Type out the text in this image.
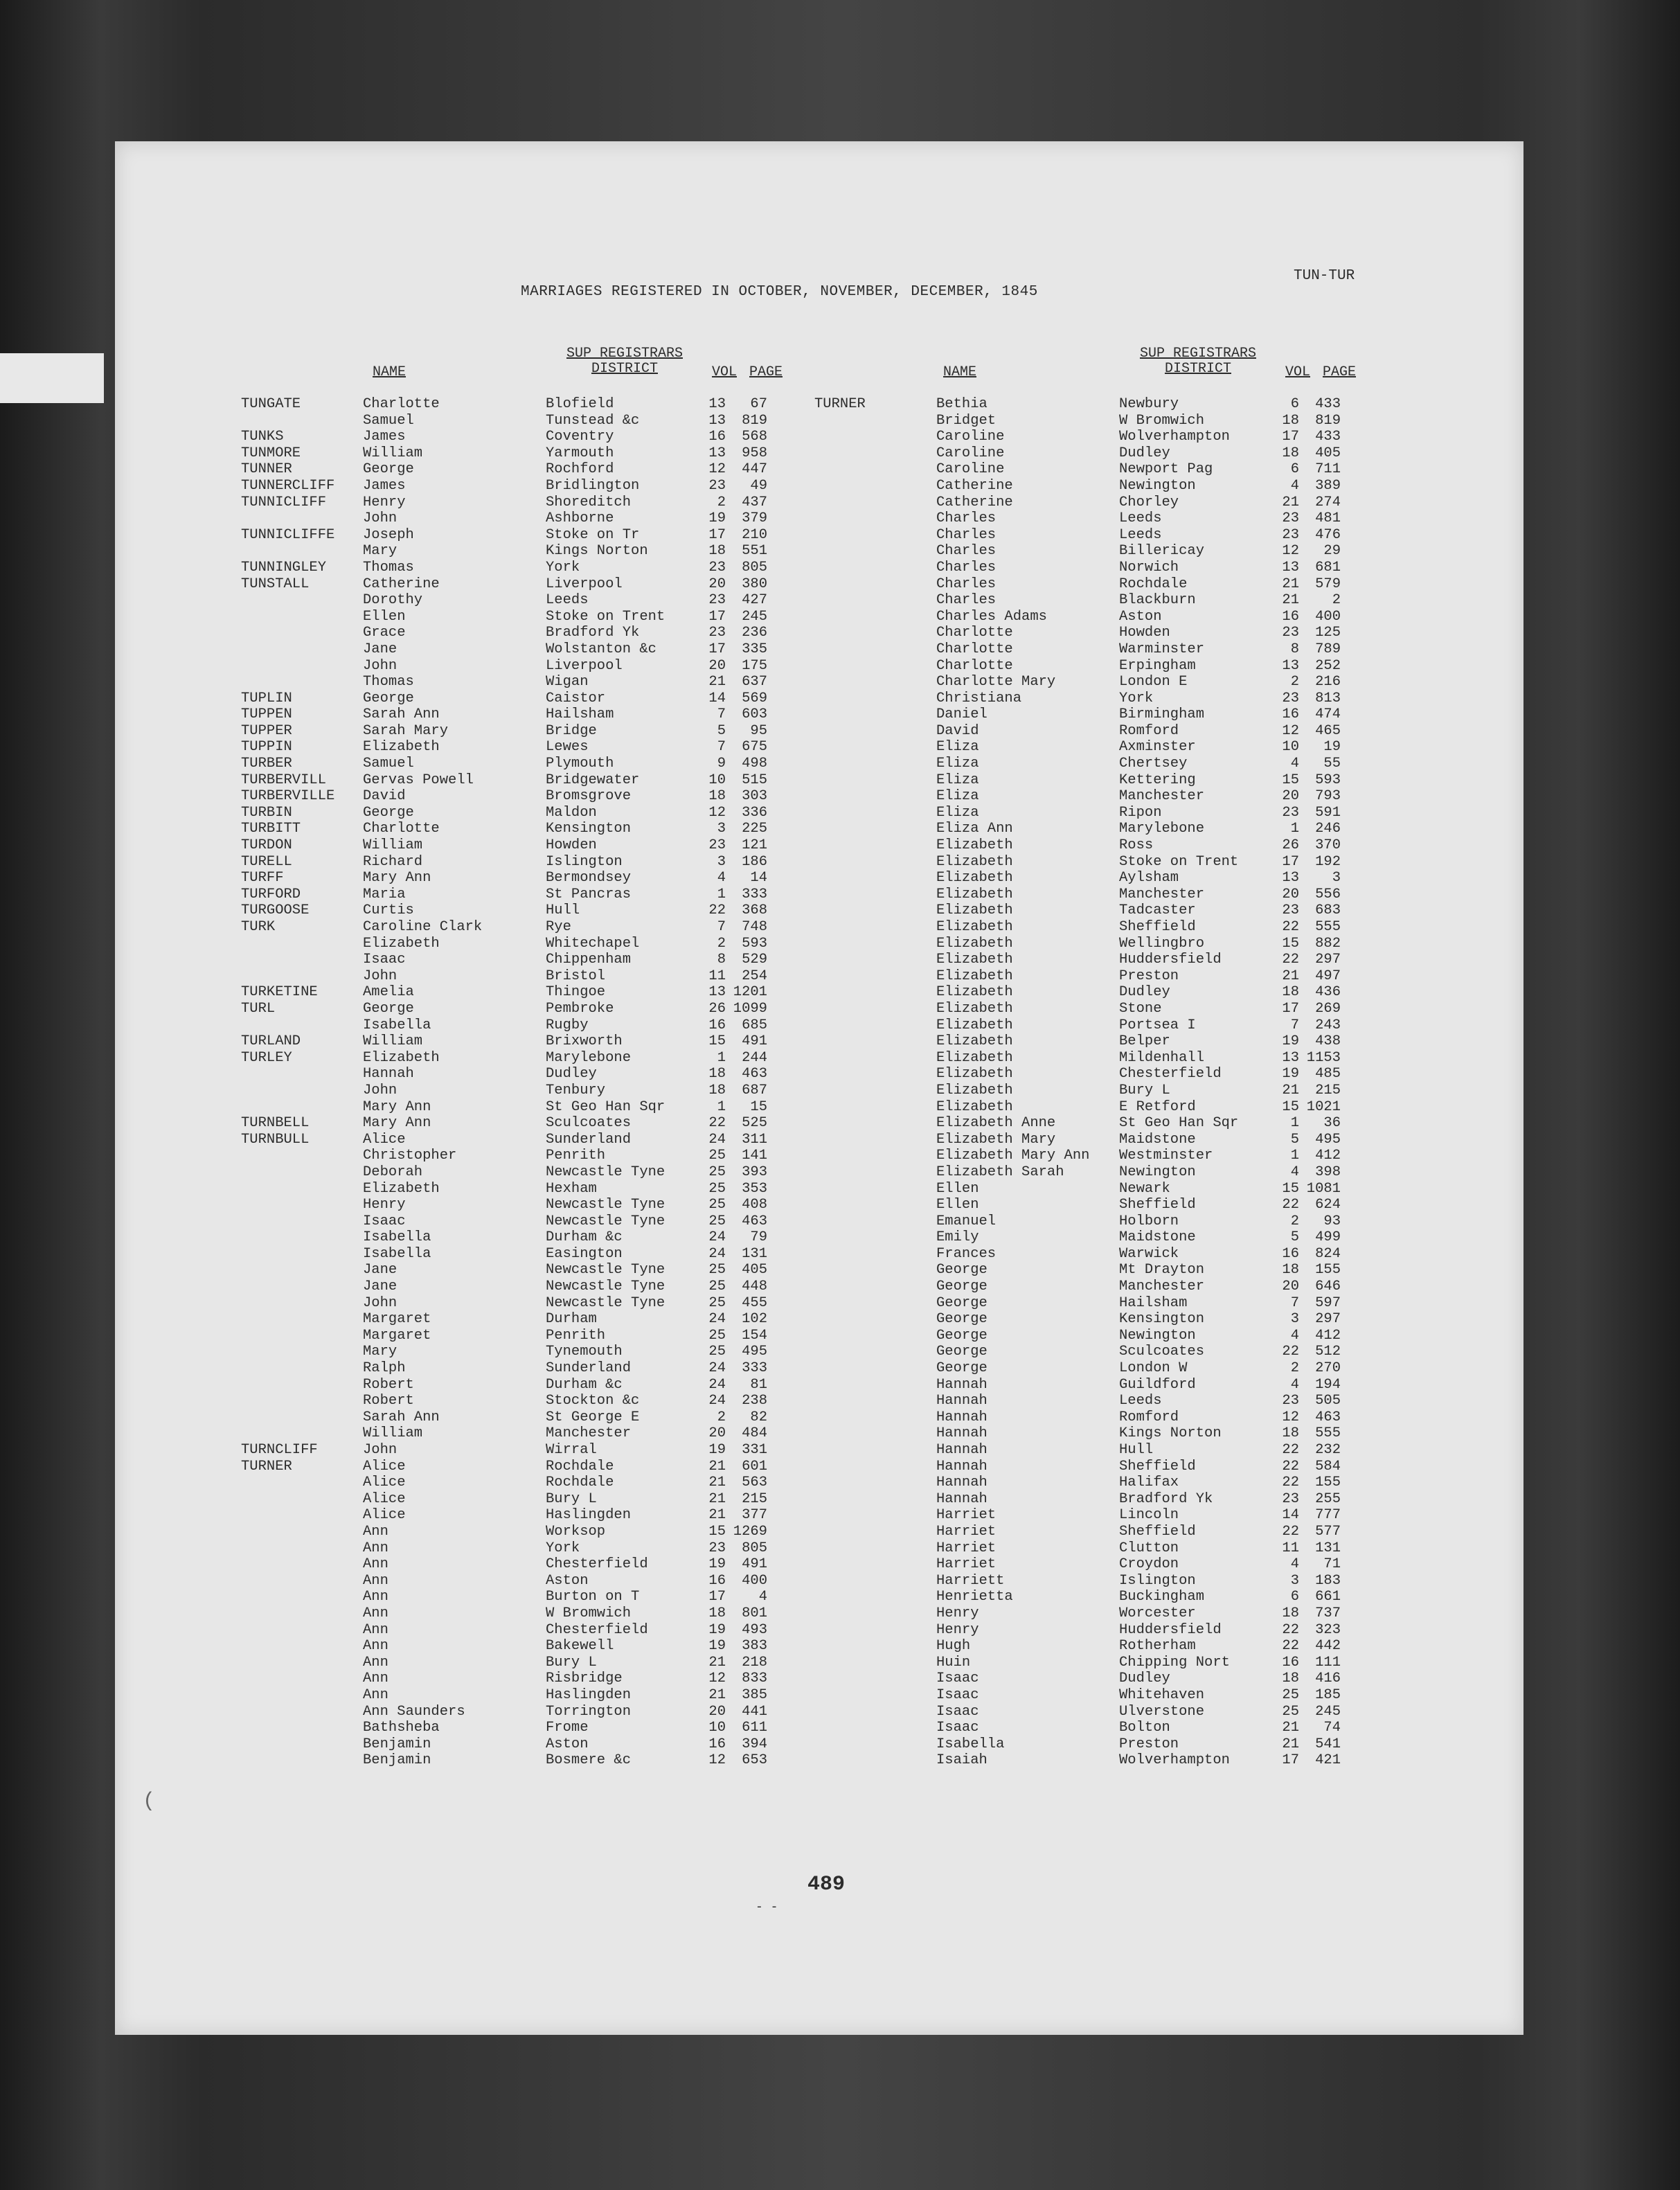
TUN-TUR
MARRIAGES REGISTERED IN OCTOBER, NOVEMBER, DECEMBER, 1845
NAME
SUP REGISTRARS
DISTRICT	VOL PAGE	NAME
SUP REGISTRARS
DISTRICT	VOL PAGE
TUNGATE	Charlotte	Blofield	13	67
Samuel	Tunstead &c	13	819
TUNKS	James	Coventry	16	568
TUNMORE	William	Yarmouth	13	958
TUNNER	George	Rochford	12	447
TUNNERCLIFF James	Bridlington	23	49
TUNNICLIFF	Henry	Shoreditch	2	437
John	Ashborne	19	379
TUNNICLIFFE Joseph	Stoke on Tr	17	210
Mary	Kings Norton	18	551
TUNNINGLEY	Thomas	York	23	805
TUNSTALL	Catherine	Liverpool	20	380
Dorothy	Leeds	23	427
Ellen	Stoke on Trent	17	245
Grace	Bradford Yk	23	236
Jane	Wolstanton &c	17	335
John	Liverpool	20	175
Thomas	Wigan	21	637
TUPLIN	George	Caistor	14	569
TUPPEN	Sarah Ann	Hailsham	7	603
TUPPER	Sarah Mary	Bridge	5	95
TUPPIN	Elizabeth	Lewes	7	675
TURBER	Samuel	Plymouth	9	498
TURBERVILL	Gervas Powell	Bridgewater	10	515
TURBERVILLE David	Bromsgrove	18	303
TURBIN	George	Maldon	12	336
TURBITT	Charlotte	Kensington	3	225
TURDON	William	Howden	23	121
TURELL	Richard	Islington	3	186
TURFF	Mary Ann	Bermondsey	4	14
TURFORD	Maria	St Pancras	1	333
TURGOOSE	Curtis	Hull	22	368
TURK	Caroline Clark	Rye	7	748
Elizabeth	Whitechapel	2	593
Isaac	Chippenham	8	529
John	Bristol	11	254
TURKETINE	Amelia	Thingoe	13 1201
TURL	George	Pembroke	26 1099
Isabella	Rugby	16	685
TURLAND	William	Brixworth	15	491
TURLEY	Elizabeth	Marylebone	1	244
Hannah	Dudley	18	463
John	Tenbury	18	687
Mary Ann	St Geo Han Sqr	1	15
TURNBELL	Mary Ann	Sculcoates	22	525
TURNBULL	Alice	Sunderland	24	311
Christopher	Penrith	25	141
Deborah	Newcastle Tyne	25	393
Elizabeth	Hexham	25	353
Henry	Newcastle Tyne	25	408
Isaac	Newcastle Tyne	25	463
Isabella	Durham &c	24	79
Isabella	Easington	24	131
Jane	Newcastle Tyne	25	405
Jane	Newcastle Tyne	25	448
John	Newcastle Tyne	25	455
Margaret	Durham	24	102
Margaret	Penrith	25	154
Mary	Tynemouth	25	495
Ralph	Sunderland	24	333
Robert	Durham &c	24	81
Robert	Stockton &c	24	238
Sarah Ann	St George E	2	82
William	Manchester	20	484
TURNCLIFF	John	Wirral	19	331
TURNER	Alice	Rochdale	21	601
Alice	Rochdale	21	563
Alice	Bury L	21	215
Alice	Haslingden	21	377
Ann	Worksop	15 1269
Ann	York	23	805
Ann	Chesterfield	19	491
Ann	Aston	16	400
Ann	Burton on T	17	4
Ann	W Bromwich	18	801
Ann	Chesterfield	19	493
Ann	Bakewell	19	383
Ann	Bury L	21	218
Ann	Risbridge	12	833
Ann	Haslingden	21	385
Ann Saunders	Torrington	20	441
Bathsheba	Frome	10	611
Benjamin	Aston	16	394
Benjamin	Bosmere &c	12	653
TURNER	Bethia	Newbury	6	433
Bridget	W Bromwich	18	819
Caroline	Wolverhampton	17	433
Caroline	Dudley	18	405
Caroline	Newport Pag	6	711
Catherine	Newington	4	389
Catherine	Chorley	21	274
Charles	Leeds	23	481
Charles	Leeds	23	476
Charles	Billericay	12	29
Charles	Norwich	13	681
Charles	Rochdale	21	579
Charles	Blackburn	21	2
Charles Adams	Aston	16	400
Charlotte	Howden	23	125
Charlotte	Warminster	8	789
Charlotte	Erpingham	13	252
Charlotte Mary	London E	2	216
Christiana	York	23	813
Daniel	Birmingham	16	474
David	Romford	12	465
Eliza	Axminster	10	19
Eliza	Chertsey	4	55
Eliza	Kettering	15	593
Eliza	Manchester	20	793
Eliza	Ripon	23	591
Eliza Ann	Marylebone	1	246
Elizabeth	Ross	26	370
Elizabeth	Stoke on Trent	17	192
Elizabeth	Aylsham	13	3
Elizabeth	Manchester	20	556
Elizabeth	Tadcaster	23	683
Elizabeth	Sheffield	22	555
Elizabeth	Wellingbro	15	882
Elizabeth	Huddersfield	22	297
Elizabeth	Preston	21	497
Elizabeth	Dudley	18	436
Elizabeth	Stone	17	269
Elizabeth	Portsea I	7	243
Elizabeth	Belper	19	438
Elizabeth	Mildenhall	13 1153
Elizabeth	Chesterfield	19	485
Elizabeth	Bury L	21	215
Elizabeth	E Retford	15 1021
Elizabeth Anne	St Geo Han Sqr	1	36
Elizabeth Mary	Maidstone	5	495
Elizabeth Mary Ann Westminster	1	412
Elizabeth Sarah	Newington	4	398
Ellen	Newark	15 1081
Ellen	Sheffield	22	624
Emanuel	Holborn	2	93
Emily	Maidstone	5	499
Frances	Warwick	16	824
George	Mt Drayton	18	155
George	Manchester	20	646
George	Hailsham	7	597
George	Kensington	3	297
George	Newington	4	412
George	Sculcoates	22	512
George	London W	2	270
Hannah	Guildford	4	194
Hannah	Leeds	23	505
Hannah	Romford	12	463
Hannah	Kings Norton	18	555
Hannah	Hull	22	232
Hannah	Sheffield	22	584
Hannah	Halifax	22	155
Hannah	Bradford Yk	23	255
Harriet	Lincoln	14	777
Harriet	Sheffield	22	577
Harriet	Clutton	11	131
Harriet	Croydon	4	71
Harriett	Islington	3	183
Henrietta	Buckingham	6	661
Henry	Worcester	18	737
Henry	Huddersfield	22	323
Hugh	Rotherham	22	442
Huin	Chipping Nort	16	111
Isaac	Dudley	18	416
Isaac	Whitehaven	25	185
Isaac	Ulverstone	25	245
Isaac	Bolton	21	74
Isabella	Preston	21	541
Isaiah	Wolverhampton	17	421
- -
489
(
